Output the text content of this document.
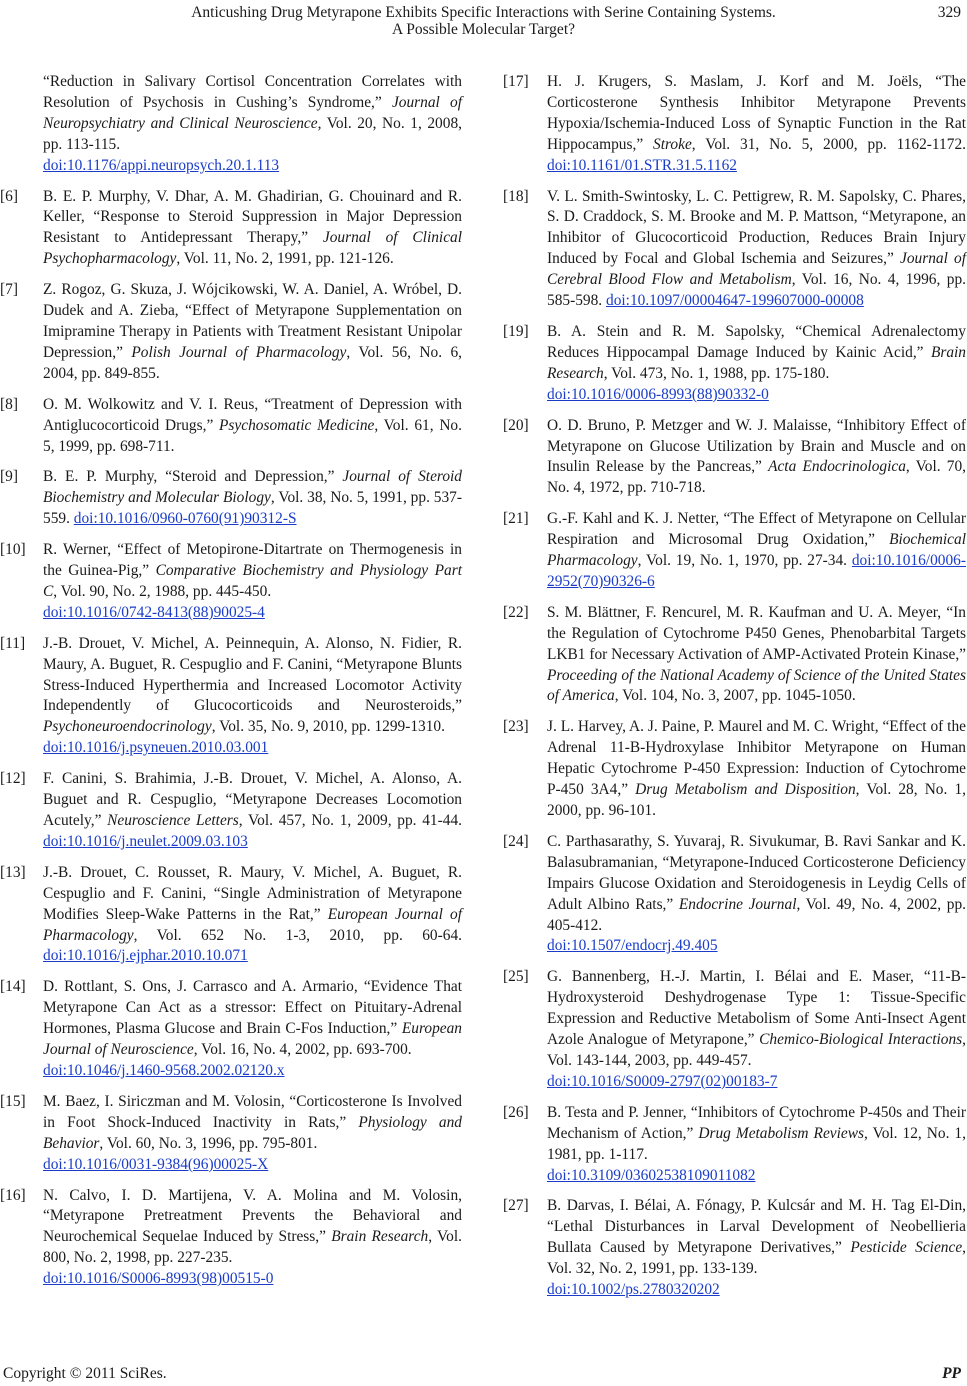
Anticushing Drug Metyrapone Exhibits Specific Interactions with Serine Containing Systems.
A Possible Molecular Target?
329
“Reduction in Salivary Cortisol Concentration Correlates with Resolution of Psychosis in Cushing’s Syndrome,” Journal of Neuropsychiatry and Clinical Neuroscience, Vol. 20, No. 1, 2008, pp. 113-115.
doi:10.1176/appi.neuropsych.20.1.113
[6] B. E. P. Murphy, V. Dhar, A. M. Ghadirian, G. Chouinard and R. Keller, “Response to Steroid Suppression in Major Depression Resistant to Antidepressant Therapy,” Journal of Clinical Psychopharmacology, Vol. 11, No. 2, 1991, pp. 121-126.
[7] Z. Rogoz, G. Skuza, J. Wójcikowski, W. A. Daniel, A. Wróbel, D. Dudek and A. Zieba, “Effect of Metyrapone Supplementation on Imipramine Therapy in Patients with Treatment Resistant Unipolar Depression,” Polish Journal of Pharmacology, Vol. 56, No. 6, 2004, pp. 849-855.
[8] O. M. Wolkowitz and V. I. Reus, “Treatment of Depression with Antiglucocorticoid Drugs,” Psychosomatic Medicine, Vol. 61, No. 5, 1999, pp. 698-711.
[9] B. E. P. Murphy, “Steroid and Depression,” Journal of Steroid Biochemistry and Molecular Biology, Vol. 38, No. 5, 1991, pp. 537-559. doi:10.1016/0960-0760(91)90312-S
[10] R. Werner, “Effect of Metopirone-Ditartrate on Thermogenesis in the Guinea-Pig,” Comparative Biochemistry and Physiology Part C, Vol. 90, No. 2, 1988, pp. 445-450.
doi:10.1016/0742-8413(88)90025-4
[11] J.-B. Drouet, V. Michel, A. Peinnequin, A. Alonso, N. Fidier, R. Maury, A. Buguet, R. Cespuglio and F. Canini, “Metyrapone Blunts Stress-Induced Hyperthermia and Increased Locomotor Activity Independently of Glucocorticoids and Neurosteroids,” Psychoneuroendocrinology, Vol. 35, No. 9, 2010, pp. 1299-1310.
doi:10.1016/j.psyneuen.2010.03.001
[12] F. Canini, S. Brahimia, J.-B. Drouet, V. Michel, A. Alonso, A. Buguet and R. Cespuglio, “Metyrapone Decreases Locomotion Acutely,” Neuroscience Letters, Vol. 457, No. 1, 2009, pp. 41-44. doi:10.1016/j.neulet.2009.03.103
[13] J.-B. Drouet, C. Rousset, R. Maury, V. Michel, A. Buguet, R. Cespuglio and F. Canini, “Single Administration of Metyrapone Modifies Sleep-Wake Patterns in the Rat,” European Journal of Pharmacology, Vol. 652 No. 1-3, 2010, pp. 60-64. doi:10.1016/j.ejphar.2010.10.071
[14] D. Rottlant, S. Ons, J. Carrasco and A. Armario, “Evidence That Metyrapone Can Act as a stressor: Effect on Pituitary-Adrenal Hormones, Plasma Glucose and Brain C-Fos Induction,” European Journal of Neuroscience, Vol. 16, No. 4, 2002, pp. 693-700.
doi:10.1046/j.1460-9568.2002.02120.x
[15] M. Baez, I. Siriczman and M. Volosin, “Corticosterone Is Involved in Foot Shock-Induced Inactivity in Rats,” Physiology and Behavior, Vol. 60, No. 3, 1996, pp. 795-801.
doi:10.1016/0031-9384(96)00025-X
[16] N. Calvo, I. D. Martijena, V. A. Molina and M. Volosin, “Metyrapone Pretreatment Prevents the Behavioral and Neurochemical Sequelae Induced by Stress,” Brain Research, Vol. 800, No. 2, 1998, pp. 227-235.
doi:10.1016/S0006-8993(98)00515-0
[17] H. J. Krugers, S. Maslam, J. Korf and M. Joëls, “The Corticosterone Synthesis Inhibitor Metyrapone Prevents Hypoxia/Ischemia-Induced Loss of Synaptic Function in the Rat Hippocampus,” Stroke, Vol. 31, No. 5, 2000, pp. 1162-1172. doi:10.1161/01.STR.31.5.1162
[18] V. L. Smith-Swintosky, L. C. Pettigrew, R. M. Sapolsky, C. Phares, S. D. Craddock, S. M. Brooke and M. P. Mattson, “Metyrapone, an Inhibitor of Glucocorticoid Production, Reduces Brain Injury Induced by Focal and Global Ischemia and Seizures,” Journal of Cerebral Blood Flow and Metabolism, Vol. 16, No. 4, 1996, pp. 585-598. doi:10.1097/00004647-199607000-00008
[19] B. A. Stein and R. M. Sapolsky, “Chemical Adrenalectomy Reduces Hippocampal Damage Induced by Kainic Acid,” Brain Research, Vol. 473, No. 1, 1988, pp. 175-180.
doi:10.1016/0006-8993(88)90332-0
[20] O. D. Bruno, P. Metzger and W. J. Malaisse, “Inhibitory Effect of Metyrapone on Glucose Utilization by Brain and Muscle and on Insulin Release by the Pancreas,” Acta Endocrinologica, Vol. 70, No. 4, 1972, pp. 710-718.
[21] G.-F. Kahl and K. J. Netter, “The Effect of Metyrapone on Cellular Respiration and Microsomal Drug Oxidation,” Biochemical Pharmacology, Vol. 19, No. 1, 1970, pp. 27-34. doi:10.1016/0006-2952(70)90326-6
[22] S. M. Blättner, F. Rencurel, M. R. Kaufman and U. A. Meyer, “In the Regulation of Cytochrome P450 Genes, Phenobarbital Targets LKB1 for Necessary Activation of AMP-Activated Protein Kinase,” Proceeding of the National Academy of Science of the United States of America, Vol. 104, No. 3, 2007, pp. 1045-1050.
[23] J. L. Harvey, A. J. Paine, P. Maurel and M. C. Wright, “Effect of the Adrenal 11-B-Hydroxylase Inhibitor Metyrapone on Human Hepatic Cytochrome P-450 Expression: Induction of Cytochrome P-450 3A4,” Drug Metabolism and Disposition, Vol. 28, No. 1, 2000, pp. 96-101.
[24] C. Parthasarathy, S. Yuvaraj, R. Sivukumar, B. Ravi Sankar and K. Balasubramanian, “Metyrapone-Induced Corticosterone Deficiency Impairs Glucose Oxidation and Steroidogenesis in Leydig Cells of Adult Albino Rats,” Endocrine Journal, Vol. 49, No. 4, 2002, pp. 405-412.
doi:10.1507/endocrj.49.405
[25] G. Bannenberg, H.-J. Martin, I. Bélai and E. Maser, “11-B-Hydroxysteroid Deshydrogenase Type 1: Tissue-Specific Expression and Reductive Metabolism of Some Anti-Insect Agent Azole Analogue of Metyrapone,” Chemico-Biological Interactions, Vol. 143-144, 2003, pp. 449-457.
doi:10.1016/S0009-2797(02)00183-7
[26] B. Testa and P. Jenner, “Inhibitors of Cytochrome P-450s and Their Mechanism of Action,” Drug Metabolism Reviews, Vol. 12, No. 1, 1981, pp. 1-117.
doi:10.3109/03602538109011082
[27] B. Darvas, I. Bélai, A. Fónagy, P. Kulcsár and M. H. Tag El-Din, “Lethal Disturbances in Larval Development of Neobellieria Bullata Caused by Metyrapone Derivatives,” Pesticide Science, Vol. 32, No. 2, 1991, pp. 133-139.
doi:10.1002/ps.2780320202
Copyright © 2011 SciRes.	PP
